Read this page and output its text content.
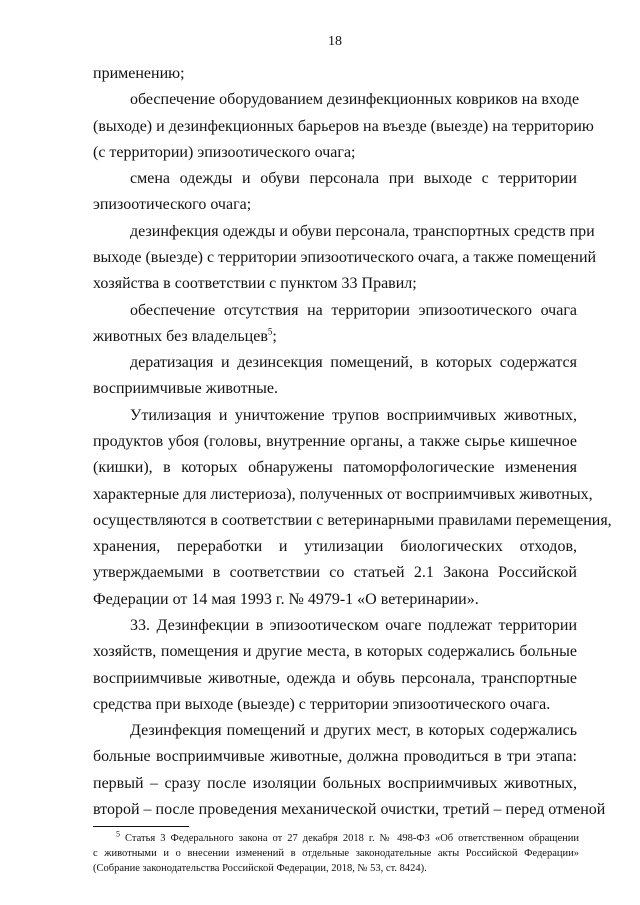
18
применению;
обеспечение оборудованием дезинфекционных ковриков на входе
(выходе) и дезинфекционных барьеров на въезде (выезде) на территорию
(с территории) эпизоотического очага;
смена одежды и обуви персонала при выходе с территории
эпизоотического очага;
дезинфекция одежды и обуви персонала, транспортных средств при
выходе (выезде) с территории эпизоотического очага, а также помещений
хозяйства в соответствии с пунктом 33 Правил;
обеспечение отсутствия на территории эпизоотического очага
животных без владельцев$^5$;
дератизация и дезинсекция помещений, в которых содержатся
восприимчивые животные.
Утилизация и уничтожение трупов восприимчивых животных,
продуктов убоя (головы, внутренние органы, а также сырье кишечное
(кишки), в которых обнаружены патоморфологические изменения
характерные для листериоза), полученных от восприимчивых животных,
осуществляются в соответствии с ветеринарными правилами перемещения,
хранения, переработки и утилизации биологических отходов,
утверждаемыми в соответствии со статьей 2.1 Закона Российской
Федерации от 14 мая 1993 г. № 4979-1 «О ветеринарии».
33. Дезинфекции в эпизоотическом очаге подлежат территории
хозяйств, помещения и другие места, в которых содержались больные
восприимчивые животные, одежда и обувь персонала, транспортные
средства при выходе (выезде) с территории эпизоотического очага.
Дезинфекция помещений и других мест, в которых содержались
больные восприимчивые животные, должна проводиться в три этапа:
первый – сразу после изоляции больных восприимчивых животных,
второй – после проведения механической очистки, третий – перед отменой
$^5$ Статья 3 Федерального закона от 27 декабря 2018 г. № 498-ФЗ «Об ответственном обращении
с животными и о внесении изменений в отдельные законодательные акты Российской Федерации»
(Собрание законодательства Российской Федерации, 2018, № 53, ст. 8424).
